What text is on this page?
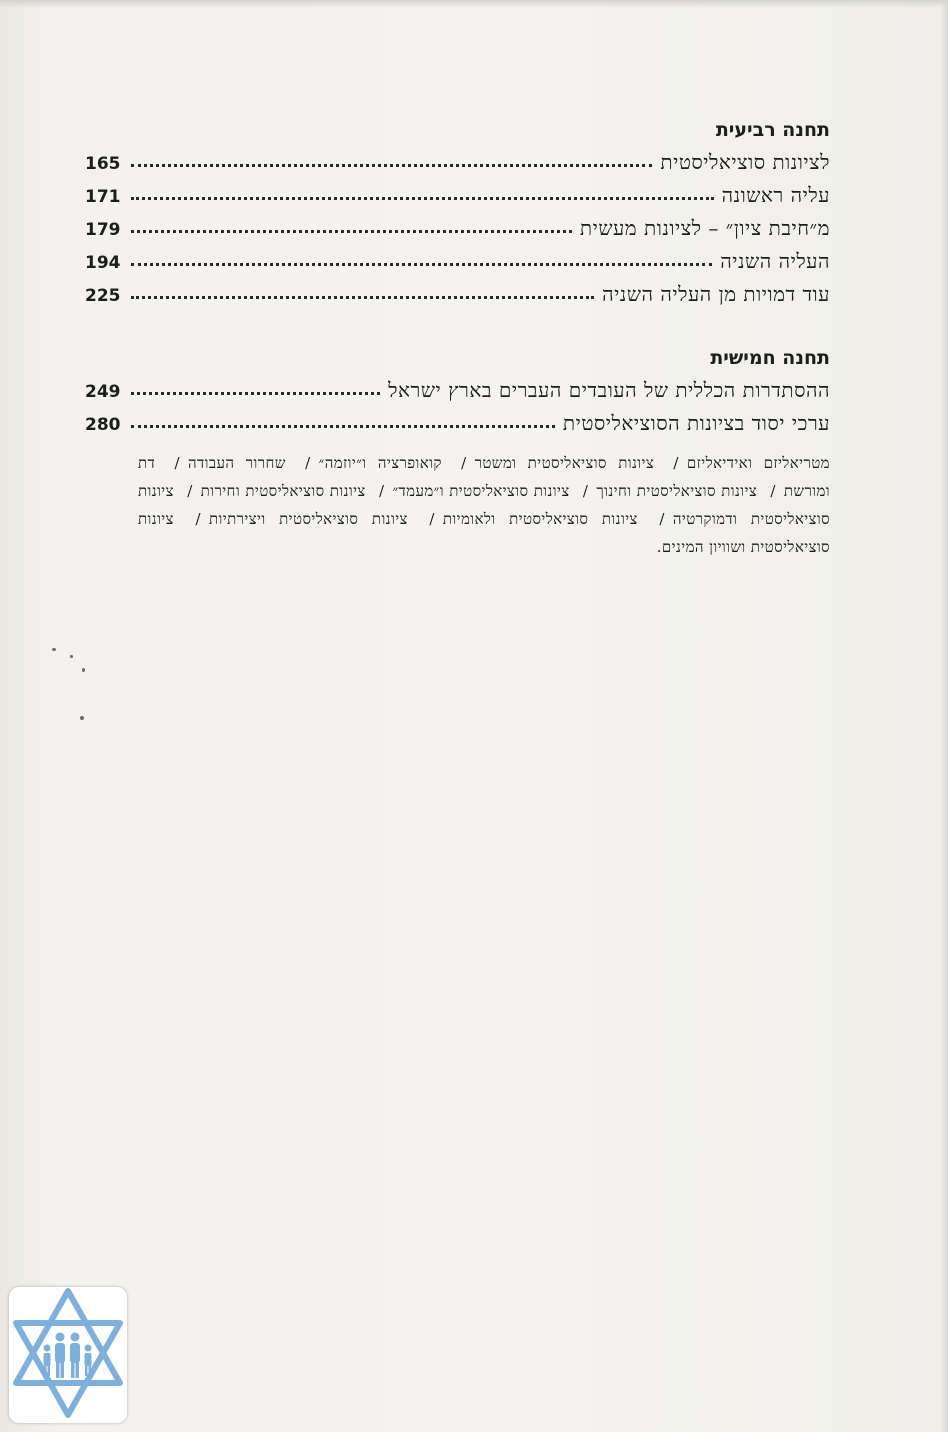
תחנה רביעית
לציונות סוציאליסטית
165
עליה ראשונה
171
מ״חיבת ציון״ – לציונות מעשית
179
העליה השניה
194
עוד דמויות מן העליה השניה
225
תחנה חמישית
ההסתדרות הכללית של העובדים העברים בארץ ישראל
249
ערכי יסוד בציונות הסוציאליסטית
280
מטריאליזם ואידיאליזם/ ציונות סוציאליסטית ומשטר/ קואופרציה ו״יוזמה״/ שחרור העבודה/ דת ומורשת/ ציונות סוציאליסטית וחינוך/ ציונות סוציאליסטית ו״מעמד״/ ציונות סוציאליסטית וחירות/ ציונות סוציאליסטית ודמוקרטיה/ ציונות סוציאליסטית ולאומיות/ ציונות סוציאליסטית ויצירתיות/ ציונות סוציאליסטית ושוויון המינים.
